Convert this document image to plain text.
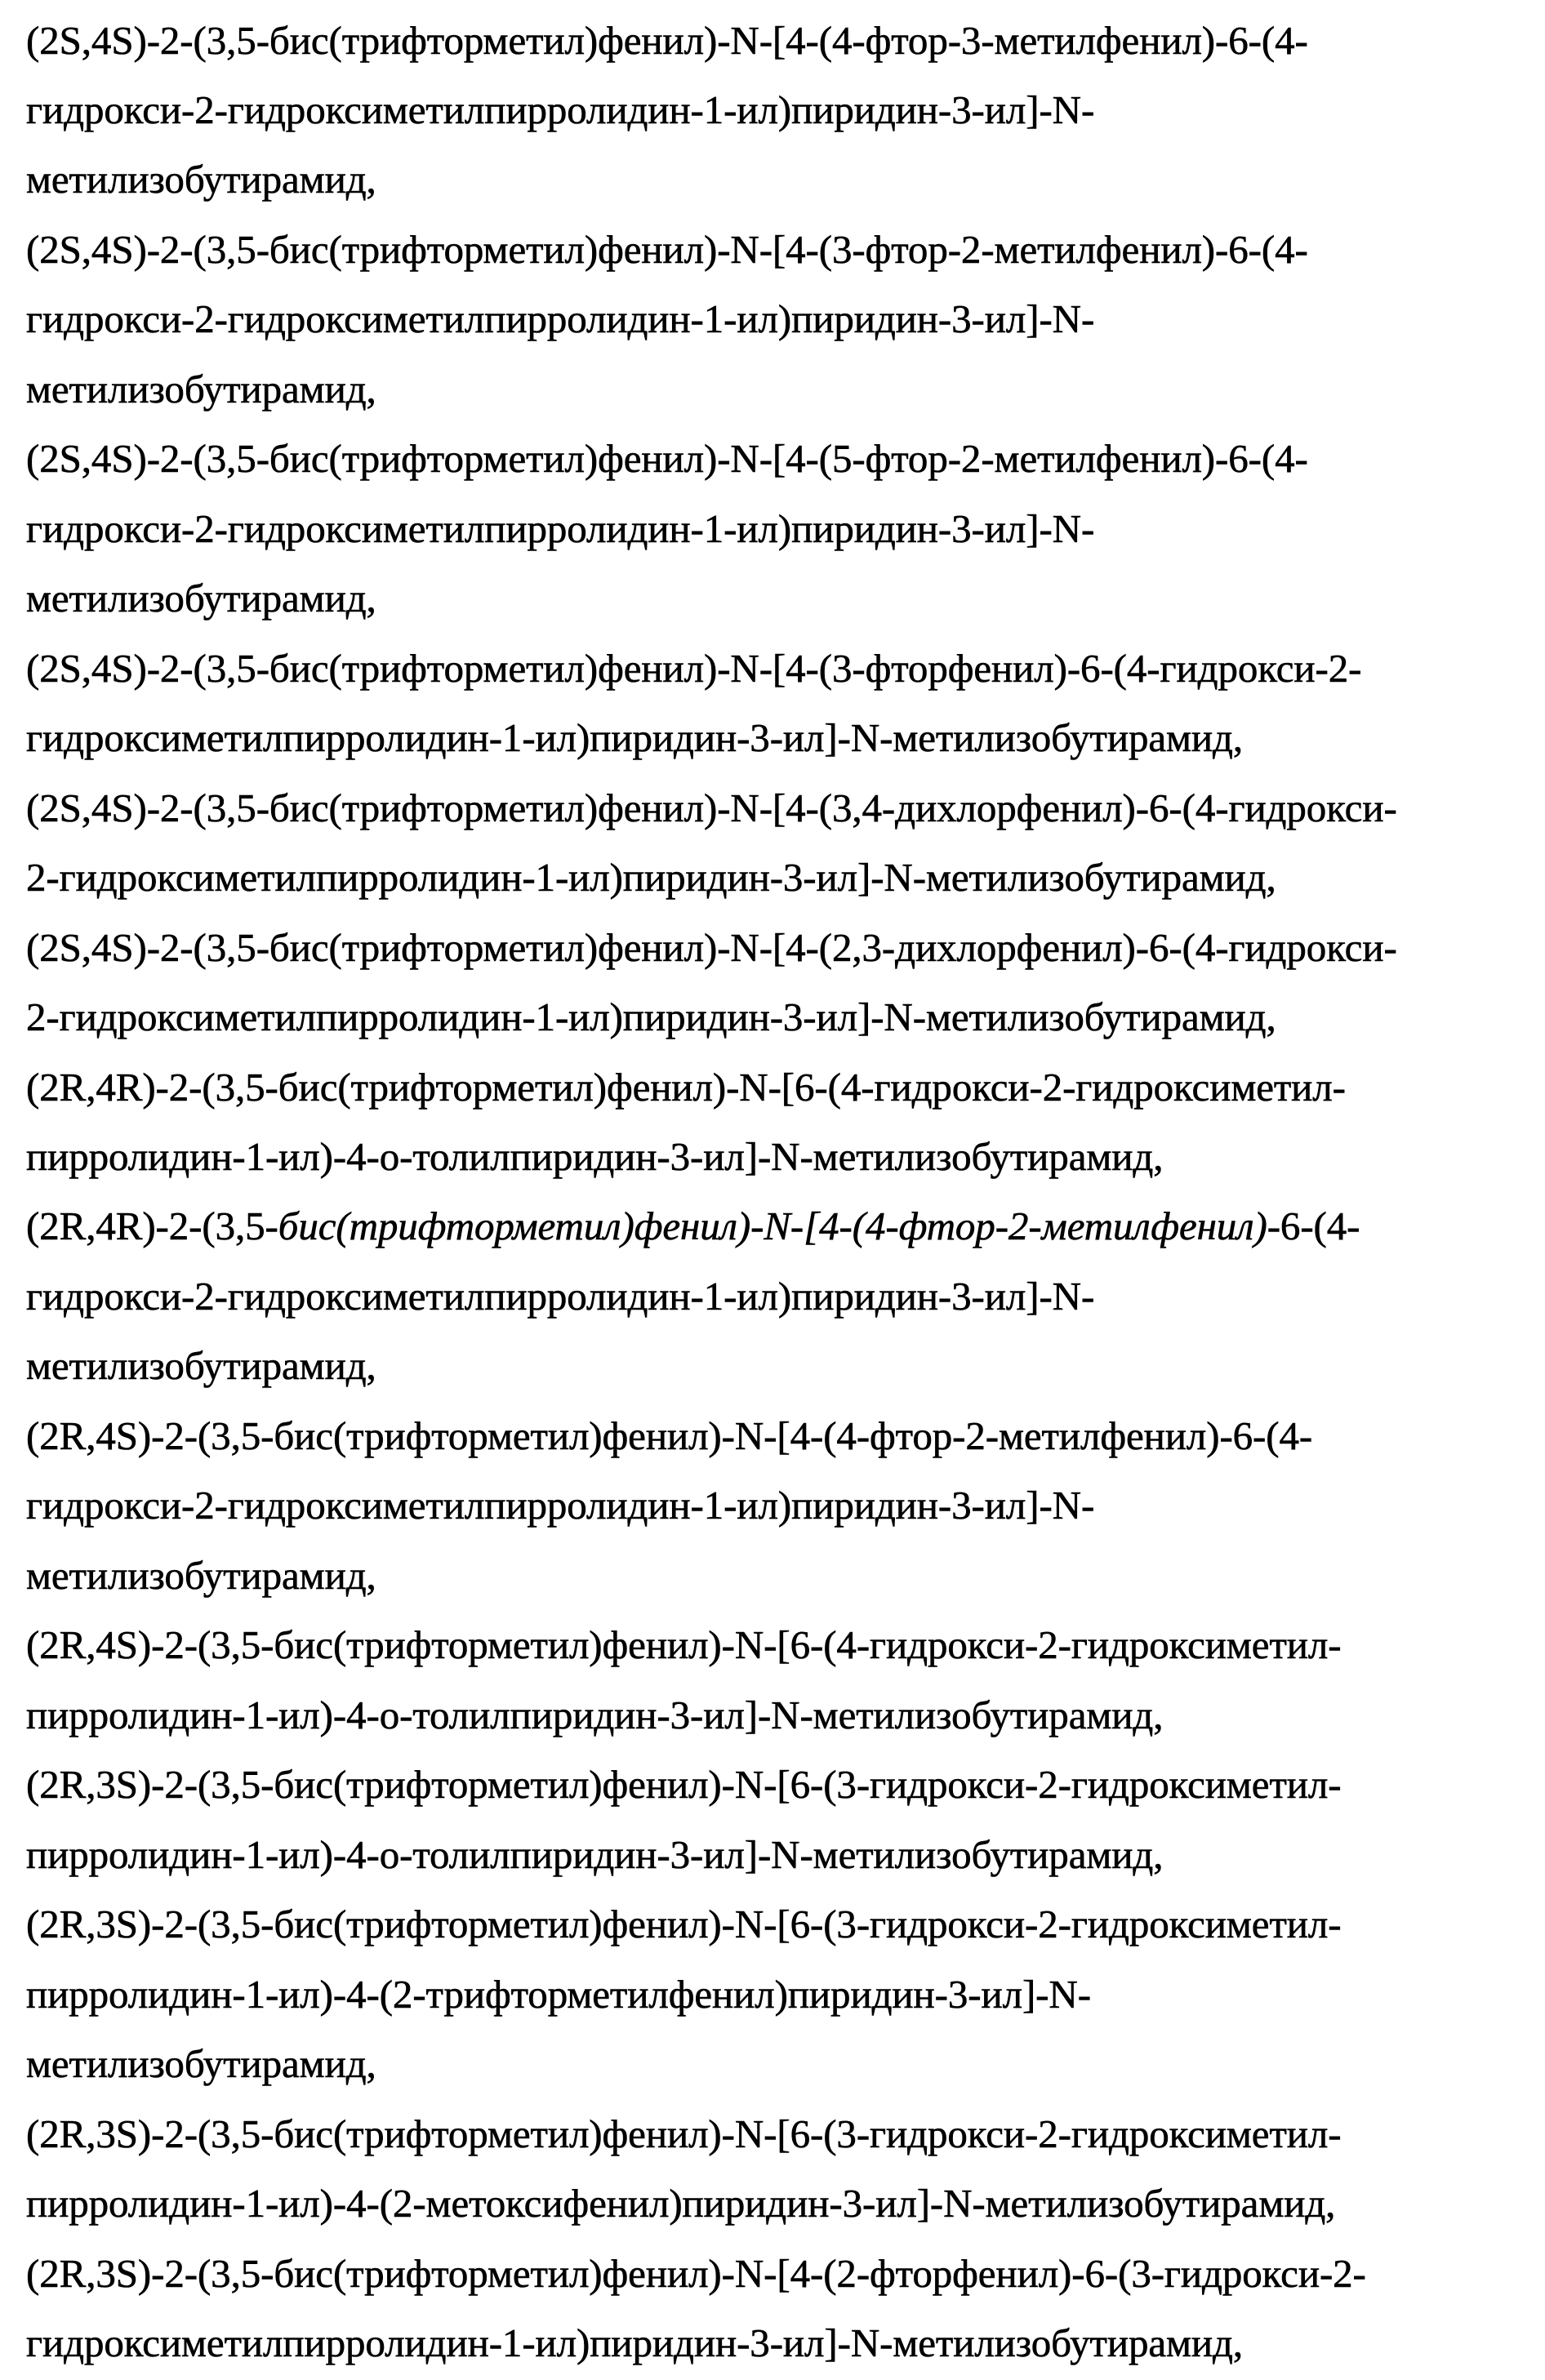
(2S,4S)-2-(3,5-бис(трифторметил)фенил)-N-[4-(4-фтор-3-метилфенил)-6-(4-
гидрокси-2-гидроксиметилпирролидин-1-ил)пиридин-3-ил]-N-
метилизобутирамид,
(2S,4S)-2-(3,5-бис(трифторметил)фенил)-N-[4-(3-фтор-2-метилфенил)-6-(4-
гидрокси-2-гидроксиметилпирролидин-1-ил)пиридин-3-ил]-N-
метилизобутирамид,
(2S,4S)-2-(3,5-бис(трифторметил)фенил)-N-[4-(5-фтор-2-метилфенил)-6-(4-
гидрокси-2-гидроксиметилпирролидин-1-ил)пиридин-3-ил]-N-
метилизобутирамид,
(2S,4S)-2-(3,5-бис(трифторметил)фенил)-N-[4-(3-фторфенил)-6-(4-гидрокси-2-
гидроксиметилпирролидин-1-ил)пиридин-3-ил]-N-метилизобутирамид,
(2S,4S)-2-(3,5-бис(трифторметил)фенил)-N-[4-(3,4-дихлорфенил)-6-(4-гидрокси-
2-гидроксиметилпирролидин-1-ил)пиридин-3-ил]-N-метилизобутирамид,
(2S,4S)-2-(3,5-бис(трифторметил)фенил)-N-[4-(2,3-дихлорфенил)-6-(4-гидрокси-
2-гидроксиметилпирролидин-1-ил)пиридин-3-ил]-N-метилизобутирамид,
(2R,4R)-2-(3,5-бис(трифторметил)фенил)-N-[6-(4-гидрокси-2-гидроксиметил-
пирролидин-1-ил)-4-о-толилпиридин-3-ил]-N-метилизобутирамид,
(2R,4R)-2-(3,5-бис(трифторметил)фенил)-N-[4-(4-фтор-2-метилфенил)-6-(4-
гидрокси-2-гидроксиметилпирролидин-1-ил)пиридин-3-ил]-N-
метилизобутирамид,
(2R,4S)-2-(3,5-бис(трифторметил)фенил)-N-[4-(4-фтор-2-метилфенил)-6-(4-
гидрокси-2-гидроксиметилпирролидин-1-ил)пиридин-3-ил]-N-
метилизобутирамид,
(2R,4S)-2-(3,5-бис(трифторметил)фенил)-N-[6-(4-гидрокси-2-гидроксиметил-
пирролидин-1-ил)-4-о-толилпиридин-3-ил]-N-метилизобутирамид,
(2R,3S)-2-(3,5-бис(трифторметил)фенил)-N-[6-(3-гидрокси-2-гидроксиметил-
пирролидин-1-ил)-4-о-толилпиридин-3-ил]-N-метилизобутирамид,
(2R,3S)-2-(3,5-бис(трифторметил)фенил)-N-[6-(3-гидрокси-2-гидроксиметил-
пирролидин-1-ил)-4-(2-трифторметилфенил)пиридин-3-ил]-N-
метилизобутирамид,
(2R,3S)-2-(3,5-бис(трифторметил)фенил)-N-[6-(3-гидрокси-2-гидроксиметил-
пирролидин-1-ил)-4-(2-метоксифенил)пиридин-3-ил]-N-метилизобутирамид,
(2R,3S)-2-(3,5-бис(трифторметил)фенил)-N-[4-(2-фторфенил)-6-(3-гидрокси-2-
гидроксиметилпирролидин-1-ил)пиридин-3-ил]-N-метилизобутирамид,
